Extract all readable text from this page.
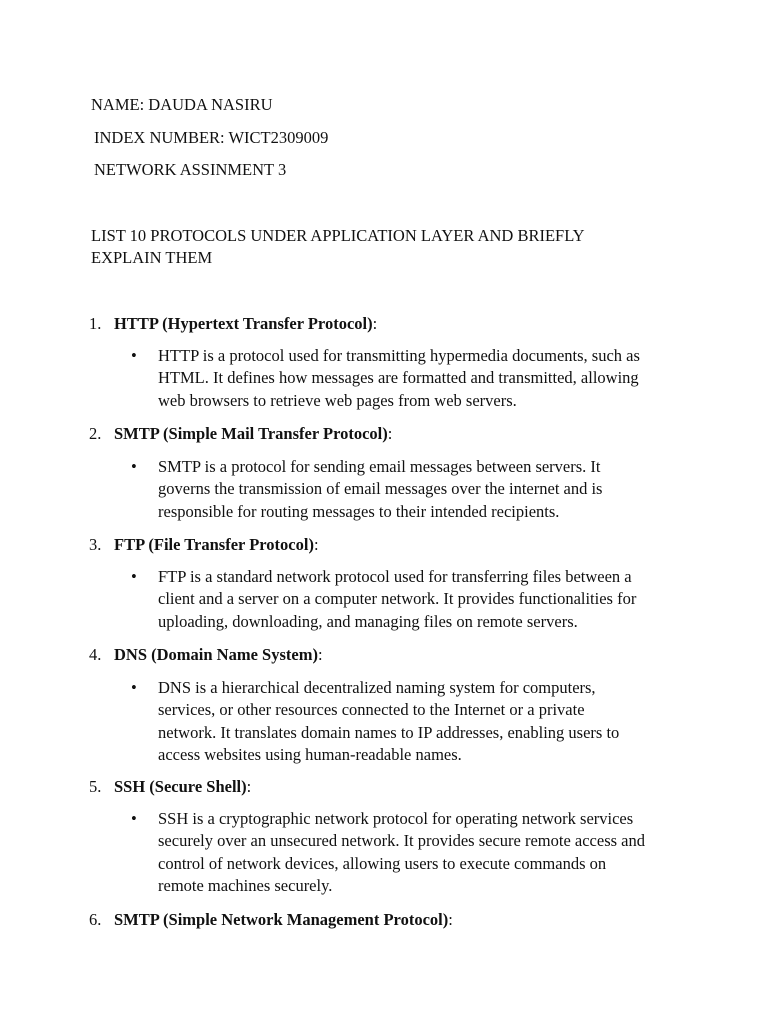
NAME: DAUDA NASIRU
INDEX NUMBER: WICT2309009
NETWORK ASSINMENT 3
LIST 10 PROTOCOLS UNDER APPLICATION LAYER AND BRIEFLY
EXPLAIN THEM
1. HTTP (Hypertext Transfer Protocol):
• HTTP is a protocol used for transmitting hypermedia documents, such as
HTML. It defines how messages are formatted and transmitted, allowing
web browsers to retrieve web pages from web servers.
2. SMTP (Simple Mail Transfer Protocol):
• SMTP is a protocol for sending email messages between servers. It
governs the transmission of email messages over the internet and is
responsible for routing messages to their intended recipients.
3. FTP (File Transfer Protocol):
• FTP is a standard network protocol used for transferring files between a
client and a server on a computer network. It provides functionalities for
uploading, downloading, and managing files on remote servers.
4. DNS (Domain Name System):
• DNS is a hierarchical decentralized naming system for computers,
services, or other resources connected to the Internet or a private
network. It translates domain names to IP addresses, enabling users to
access websites using human-readable names.
5. SSH (Secure Shell):
• SSH is a cryptographic network protocol for operating network services
securely over an unsecured network. It provides secure remote access and
control of network devices, allowing users to execute commands on
remote machines securely.
6. SMTP (Simple Network Management Protocol):
